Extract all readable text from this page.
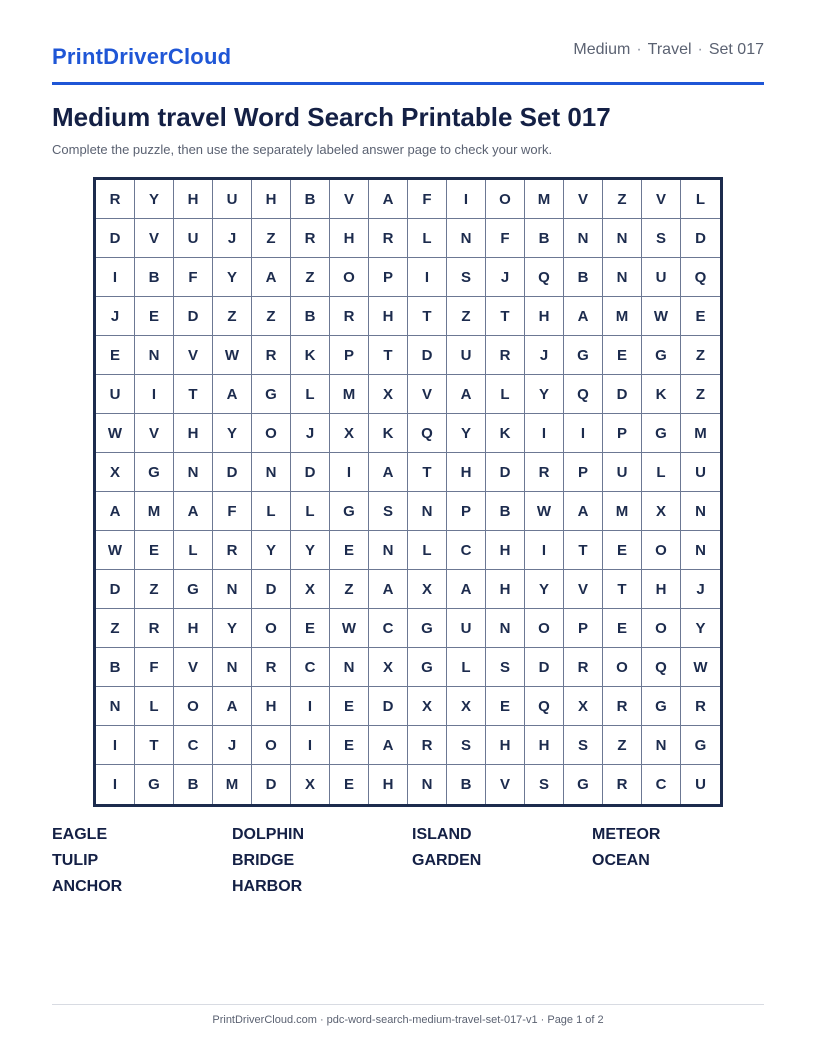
PrintDriverCloud	Medium · Travel · Set 017
Medium travel Word Search Printable Set 017

Complete the puzzle, then use the separately labeled answer page to check your work.

R	Y	H	U	H	B	V	A	F	I	O	M	V	Z	V	L
D	V	U	J	Z	R	H	R	L	N	F	B	N	N	S	D
I	B	F	Y	A	Z	O	P	I	S	J	Q	B	N	U	Q
J	E	D	Z	Z	B	R	H	T	Z	T	H	A	M	W	E
E	N	V	W	R	K	P	T	D	U	R	J	G	E	G	Z
U	I	T	A	G	L	M	X	V	A	L	Y	Q	D	K	Z
W	V	H	Y	O	J	X	K	Q	Y	K	I	I	P	G	M
X	G	N	D	N	D	I	A	T	H	D	R	P	U	L	U
A	M	A	F	L	L	G	S	N	P	B	W	A	M	X	N
W	E	L	R	Y	Y	E	N	L	C	H	I	T	E	O	N
D	Z	G	N	D	X	Z	A	X	A	H	Y	V	T	H	J
Z	R	H	Y	O	E	W	C	G	U	N	O	P	E	O	Y
B	F	V	N	R	C	N	X	G	L	S	D	R	O	Q	W
N	L	O	A	H	I	E	D	X	X	E	Q	X	R	G	R
I	T	C	J	O	I	E	A	R	S	H	H	S	Z	N	G
I	G	B	M	D	X	E	H	N	B	V	S	G	R	C	U
EAGLE	DOLPHIN	ISLAND	METEOR
TULIP	BRIDGE	GARDEN	OCEAN
ANCHOR	HARBOR
PrintDriverCloud.com · pdc-word-search-medium-travel-set-017-v1 · Page 1 of 2
